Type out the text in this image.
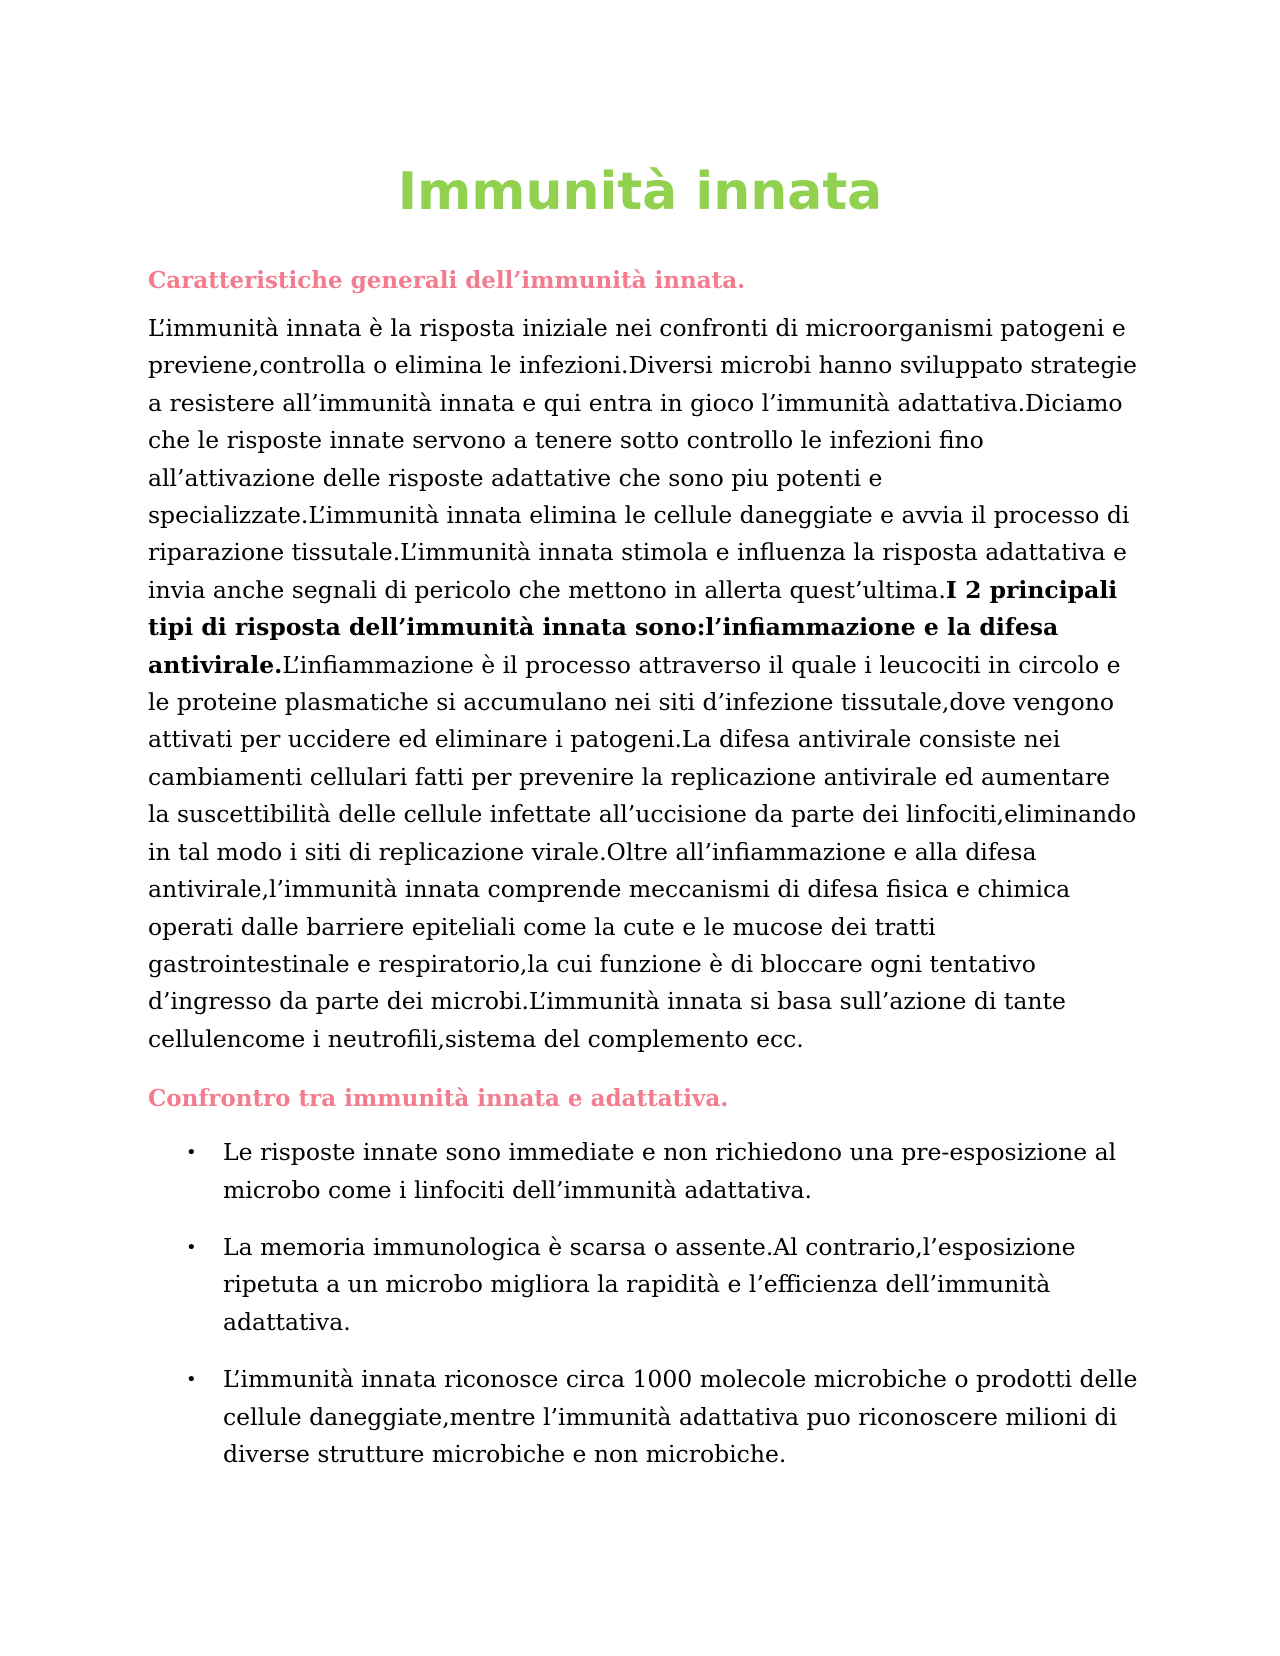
Immunità innata
Caratteristiche generali dell’immunità innata.

L’immunità innata è la risposta iniziale nei confronti di microorganismi patogeni e previene,controlla o elimina le infezioni.Diversi microbi hanno sviluppato strategie a resistere all’immunità innata e qui entra in gioco l’immunità adattativa.Diciamo che le risposte innate servono a tenere sotto controllo le infezioni fino all’attivazione delle risposte adattative che sono piu potenti e specializzate.L’immunità innata elimina le cellule daneggiate e avvia il processo di riparazione tissutale.L’immunità innata stimola e influenza la risposta adattativa e invia anche segnali di pericolo che mettono in allerta quest’ultima.I 2 principali tipi di risposta dell’immunità innata sono:l’infiammazione e la difesa antivirale.L’infiammazione è il processo attraverso il quale i leucociti in circolo e le proteine plasmatiche si accumulano nei siti d’infezione tissutale,dove vengono attivati per uccidere ed eliminare i patogeni.La difesa antivirale consiste nei cambiamenti cellulari fatti per prevenire la replicazione antivirale ed aumentare la suscettibilità delle cellule infettate all’uccisione da parte dei linfociti,eliminando in tal modo i siti di replicazione virale.Oltre all’infiammazione e alla difesa antivirale,l’immunità innata comprende meccanismi di difesa fisica e chimica operati dalle barriere epiteliali come la cute e le mucose dei tratti gastrointestinale e respiratorio,la cui funzione è di bloccare ogni tentativo d’ingresso da parte dei microbi.L’immunità innata si basa sull’azione di tante cellulencome i neutrofili,sistema del complemento ecc.

Confrontro tra immunità innata e adattativa.
• Le risposte innate sono immediate e non richiedono una pre-esposizione al microbo come i linfociti dell’immunità adattativa.
• La memoria immunologica è scarsa o assente.Al contrario,l’esposizione ripetuta a un microbo migliora la rapidità e l’efficienza dell’immunità adattativa.
• L’immunità innata riconosce circa 1000 molecole microbiche o prodotti delle cellule daneggiate,mentre l’immunità adattativa puo riconoscere milioni di diverse strutture microbiche e non microbiche.
